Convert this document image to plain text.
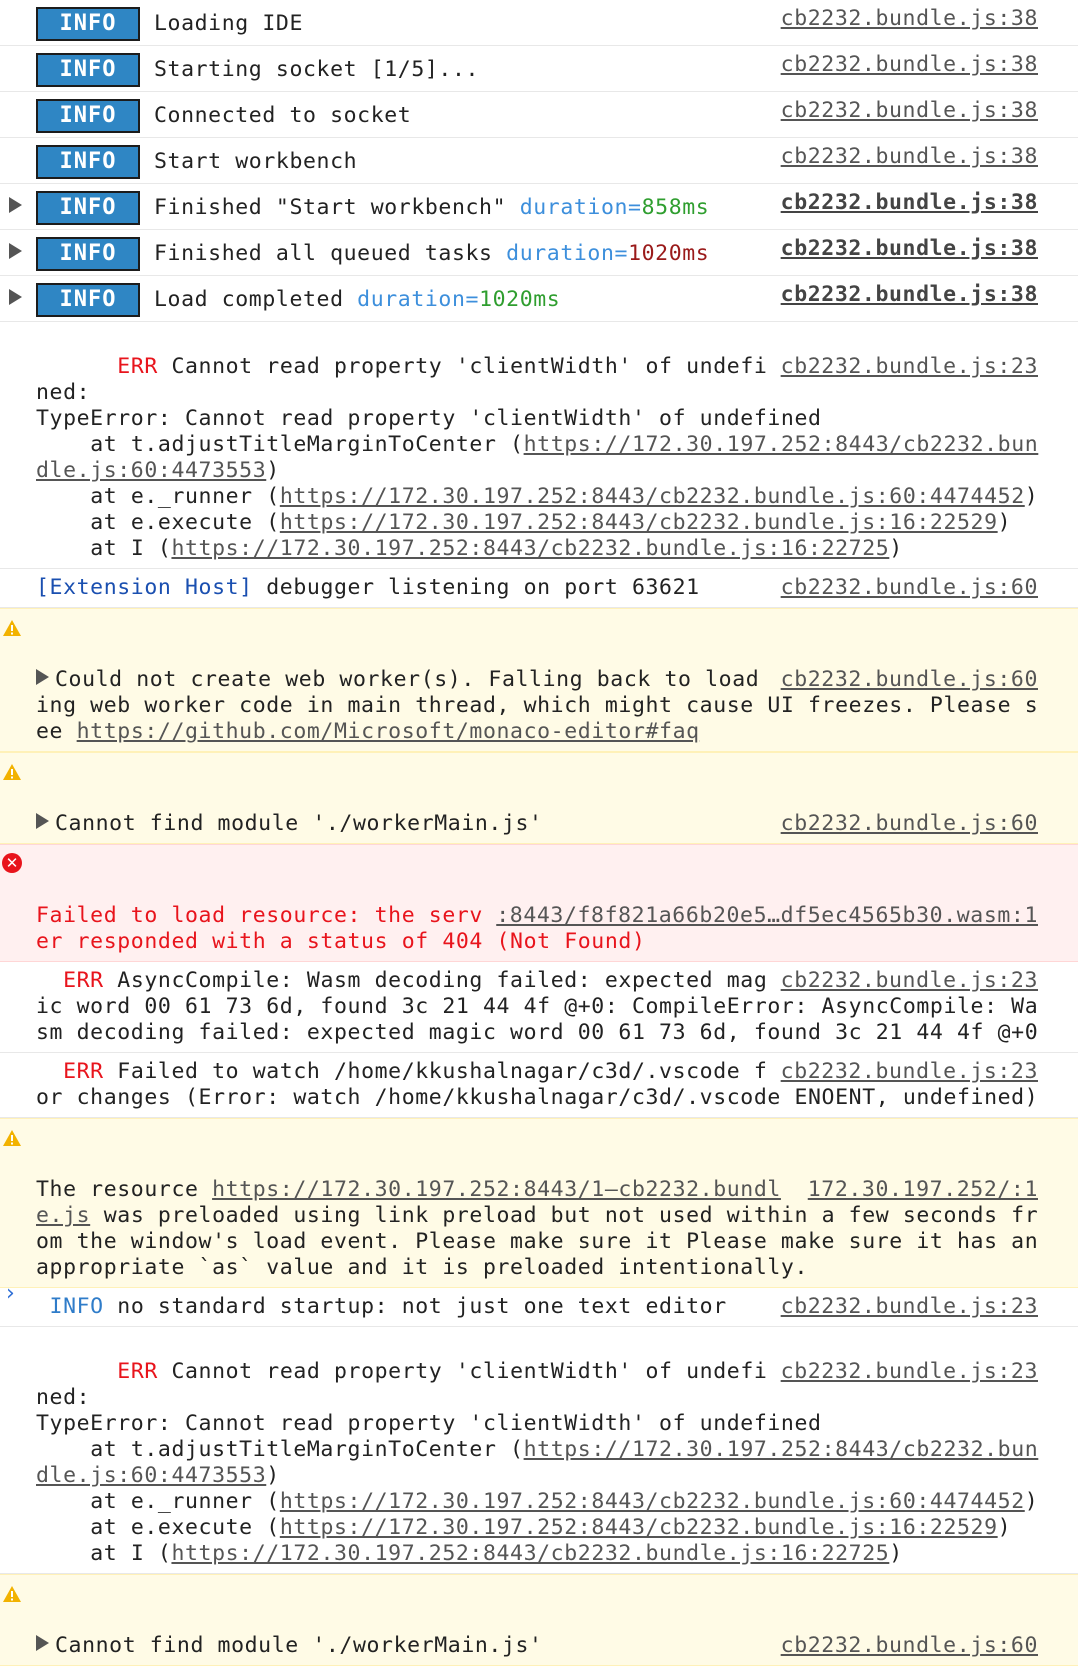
INFO	Loading IDE	cb2232.bundle.js:38
INFO	Starting socket [1/5]...	cb2232.bundle.js:38
INFO	Connected to socket	cb2232.bundle.js:38
INFO	Start workbench	cb2232.bundle.js:38
INFO	Finished "Start workbench" duration=858ms	cb2232.bundle.js:38
INFO	Finished all queued tasks duration=1020ms	cb2232.bundle.js:38
INFO	Load completed duration=1020ms	cb2232.bundle.js:38

cb2232.bundle.js:23
ERR Cannot read property 'clientWidth' of undefined:
TypeError: Cannot read property 'clientWidth' of undefined
at t.adjustTitleMarginToCenter (https://172.30.197.252:8443/cb2232.bundle.js:60:4473553)
at e._runner (https://172.30.197.252:8443/cb2232.bundle.js:60:4474452)
at e.execute (https://172.30.197.252:8443/cb2232.bundle.js:16:22529)
at I (https://172.30.197.252:8443/cb2232.bundle.js:16:22725)
cb2232.bundle.js:60
[Extension Host] debugger listening on port 63621

cb2232.bundle.js:60
Could not create web worker(s). Falling back to loading web worker code in main thread, which might cause UI freezes. Please see https://github.com/Microsoft/monaco-editor#faq

cb2232.bundle.js:60
Cannot find module './workerMain.js'

✕

:8443/f8f821a66b20e5…df5ec4565b30.wasm:1
Failed to load resource: the server responded with a status of 404 (Not Found)
cb2232.bundle.js:23
ERR AsyncCompile: Wasm decoding failed: expected magic word 00 61 73 6d, found 3c 21 44 4f @+0: CompileError: AsyncCompile: Wasm decoding failed: expected magic word 00 61 73 6d, found 3c 21 44 4f @+0
cb2232.bundle.js:23
ERR Failed to watch /home/kkushalnagar/c3d/.vscode for changes (Error: watch /home/kkushalnagar/c3d/.vscode ENOENT, undefined)

172.30.197.252/:1
The resource https://172.30.197.252:8443/1–cb2232.bundle.js was preloaded using link preload but not used within a few seconds from the window's load event. Please make sure it Please make sure it has an appropriate `as` value and it is preloaded intentionally.
cb2232.bundle.js:23
INFO no standard startup: not just one text editor

cb2232.bundle.js:23
ERR Cannot read property 'clientWidth' of undefined:
TypeError: Cannot read property 'clientWidth' of undefined
at t.adjustTitleMarginToCenter (https://172.30.197.252:8443/cb2232.bundle.js:60:4473553)
at e._runner (https://172.30.197.252:8443/cb2232.bundle.js:60:4474452)
at e.execute (https://172.30.197.252:8443/cb2232.bundle.js:16:22529)
at I (https://172.30.197.252:8443/cb2232.bundle.js:16:22725)

cb2232.bundle.js:60
Cannot find module './workerMain.js'
›
